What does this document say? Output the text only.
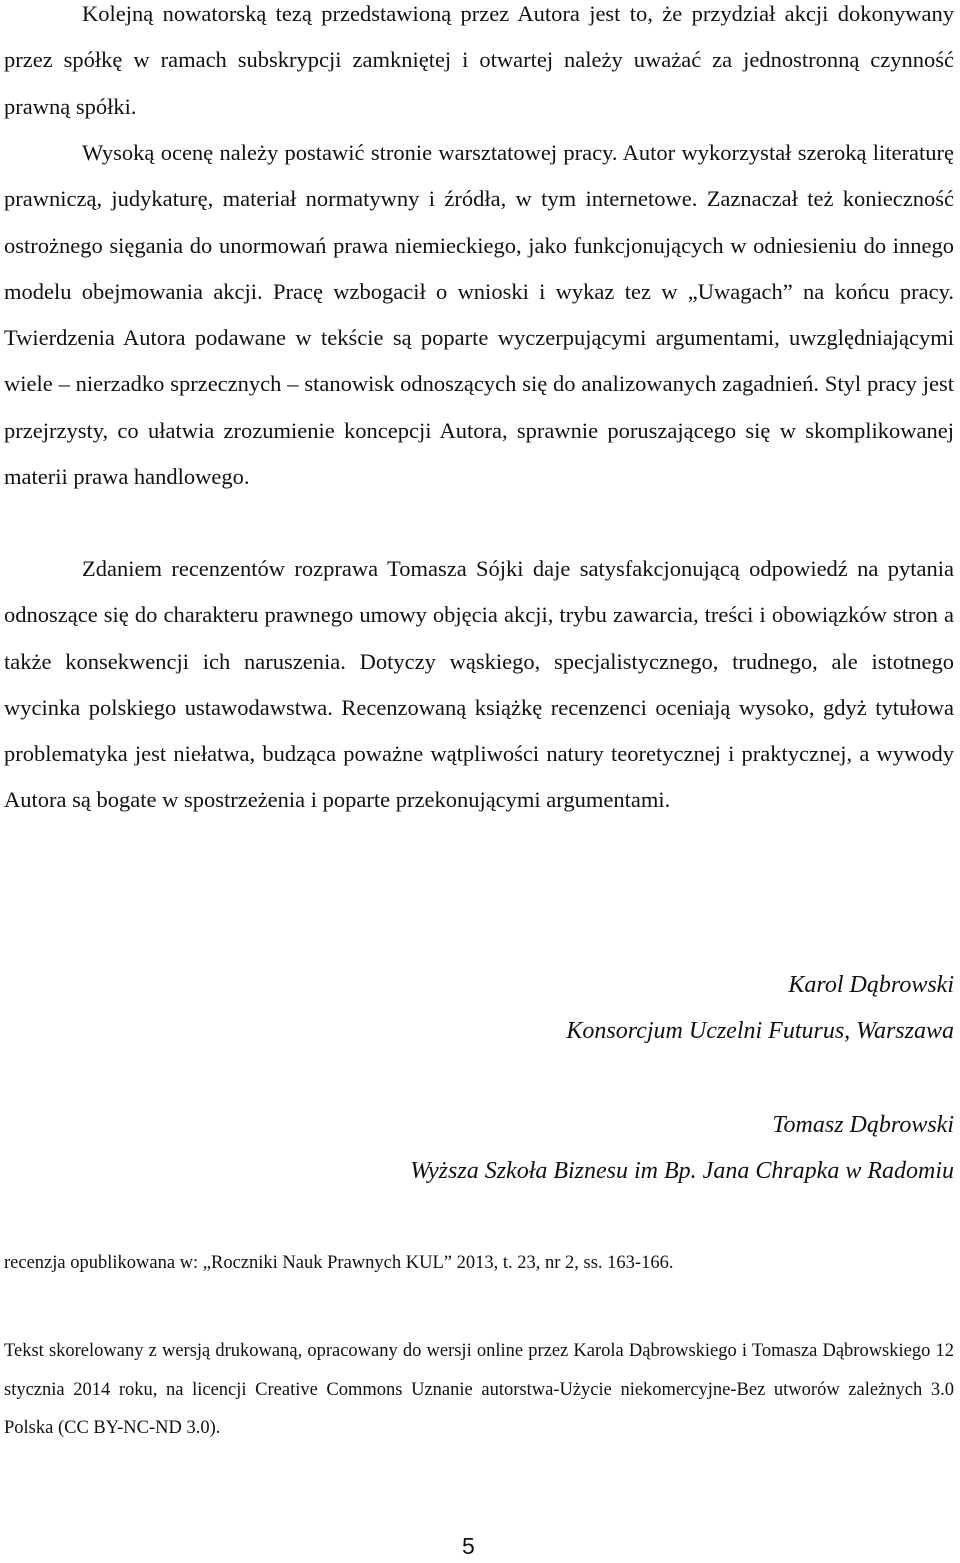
Kolejną nowatorską tezą przedstawioną przez Autora jest to, że przydział akcji dokonywany przez spółkę w ramach subskrypcji zamkniętej i otwartej należy uważać za jednostronną czynność prawną spółki.

Wysoką ocenę należy postawić stronie warsztatowej pracy. Autor wykorzystał szeroką literaturę prawniczą, judykaturę, materiał normatywny i źródła, w tym internetowe. Zaznaczał też konieczność ostrożnego sięgania do unormowań prawa niemieckiego, jako funkcjonujących w odniesieniu do innego modelu obejmowania akcji. Pracę wzbogacił o wnioski i wykaz tez w „Uwagach” na końcu pracy. Twierdzenia Autora podawane w tekście są poparte wyczerpującymi argumentami, uwzględniającymi wiele – nierzadko sprzecznych – stanowisk odnoszących się do analizowanych zagadnień. Styl pracy jest przejrzysty, co ułatwia zrozumienie koncepcji Autora, sprawnie poruszającego się w skomplikowanej materii prawa handlowego.

Zdaniem recenzentów rozprawa Tomasza Sójki daje satysfakcjonującą odpowiedź na pytania odnoszące się do charakteru prawnego umowy objęcia akcji, trybu zawarcia, treści i obowiązków stron a także konsekwencji ich naruszenia. Dotyczy wąskiego, specjalistycznego, trudnego, ale istotnego wycinka polskiego ustawodawstwa. Recenzowaną książkę recenzenci oceniają wysoko, gdyż tytułowa problematyka jest niełatwa, budząca poważne wątpliwości natury teoretycznej i praktycznej, a wywody Autora są bogate w spostrzeżenia i poparte przekonującymi argumentami.

Karol Dąbrowski
Konsorcjum Uczelni Futurus, Warszawa
Tomasz Dąbrowski
Wyższa Szkoła Biznesu im Bp. Jana Chrapka w Radomiu

recenzja opublikowana w: „Roczniki Nauk Prawnych KUL” 2013, t. 23, nr 2, ss. 163-166.

Tekst skorelowany z wersją drukowaną, opracowany do wersji online przez Karola Dąbrowskiego i Tomasza Dąbrowskiego 12 stycznia 2014 roku, na licencji Creative Commons Uznanie autorstwa-Użycie niekomercyjne-Bez utworów zależnych 3.0 Polska (CC BY-NC-ND 3.0).

5
